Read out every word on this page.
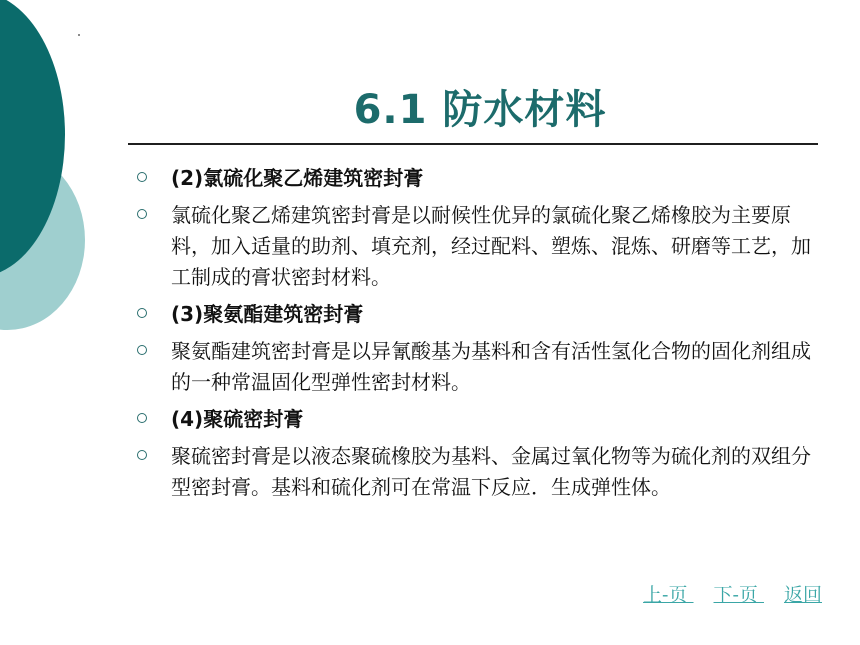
6.1 防水材料
(2)氯硫化聚乙烯建筑密封膏
氯硫化聚乙烯建筑密封膏是以耐候性优异的氯硫化聚乙烯橡胶为主要原料，加入适量的助剂、填充剂，经过配料、塑炼、混炼、研磨等工艺，加工制成的膏状密封材料。
(3)聚氨酯建筑密封膏
聚氨酯建筑密封膏是以异氰酸基为基料和含有活性氢化合物的固化剂组成的一种常温固化型弹性密封材料。
(4)聚硫密封膏
聚硫密封膏是以液态聚硫橡胶为基料、金属过氧化物等为硫化剂的双组分型密封膏。基料和硫化剂可在常温下反应．生成弹性体。
上-页 下-页 返回
